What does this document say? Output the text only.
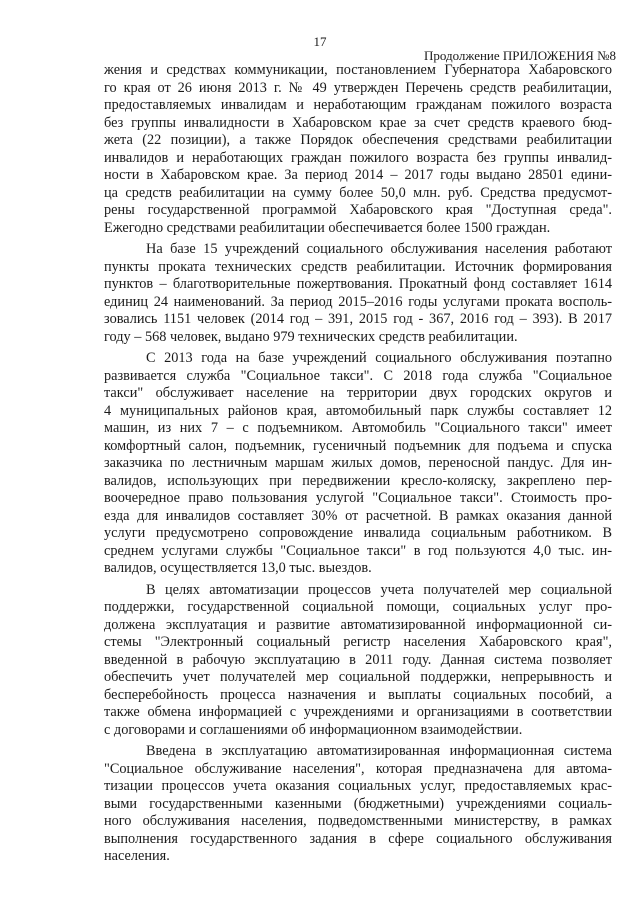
17
Продолжение ПРИЛОЖЕНИЯ №8

жения и средствах коммуникации, постановлением Губернатора Хабаровского
го края от 26 июня 2013 г. № 49 утвержден Перечень средств реабилитации,
предоставляемых инвалидам и неработающим гражданам пожилого возраста
без группы инвалидности в Хабаровском крае за счет средств краевого бюд-
жета (22 позиции), а также Порядок обеспечения средствами реабилитации
инвалидов и неработающих граждан пожилого возраста без группы инвалид-
ности в Хабаровском крае. За период 2014 – 2017 годы выдано 28501 едини-
ца средств реабилитации на сумму более 50,0 млн. руб. Средства предусмот-
рены государственной программой Хабаровского края "Доступная среда".
Ежегодно средствами реабилитации обеспечивается более 1500 граждан.

На базе 15 учреждений социального обслуживания населения работают
пункты проката технических средств реабилитации. Источник формирования
пунктов – благотворительные пожертвования. Прокатный фонд составляет 1614
единиц 24 наименований. За период 2015–2016 годы услугами проката восполь-
зовались 1151 человек (2014 год – 391, 2015 год - 367, 2016 год – 393). В 2017
году – 568 человек, выдано 979 технических средств реабилитации.

С 2013 года на базе учреждений социального обслуживания поэтапно
развивается служба "Социальное такси". С 2018 года служба "Социальное
такси" обслуживает население на территории двух городских округов и
4 муниципальных районов края, автомобильный парк службы составляет 12
машин, из них 7 – с подъемником. Автомобиль "Социального такси" имеет
комфортный салон, подъемник, гусеничный подъемник для подъема и спуска
заказчика по лестничным маршам жилых домов, переносной пандус. Для ин-
валидов, использующих при передвижении кресло-коляску, закреплено пер-
воочередное право пользования услугой "Социальное такси". Стоимость про-
езда для инвалидов составляет 30% от расчетной. В рамках оказания данной
услуги предусмотрено сопровождение инвалида социальным работником. В
среднем услугами службы "Социальное такси" в год пользуются 4,0 тыс. ин-
валидов, осуществляется 13,0 тыс. выездов.

В целях автоматизации процессов учета получателей мер социальной
поддержки, государственной социальной помощи, социальных услуг про-
должена эксплуатация и развитие автоматизированной информационной си-
стемы "Электронный социальный регистр населения Хабаровского края",
введенной в рабочую эксплуатацию в 2011 году. Данная система позволяет
обеспечить учет получателей мер социальной поддержки, непрерывность и
бесперебойность процесса назначения и выплаты социальных пособий, а
также обмена информацией с учреждениями и организациями в соответствии
с договорами и соглашениями об информационном взаимодействии.

Введена в эксплуатацию автоматизированная информационная система
"Социальное обслуживание населения", которая предназначена для автома-
тизации процессов учета оказания социальных услуг, предоставляемых крас-
выми государственными казенными (бюджетными) учреждениями социаль-
ного обслуживания населения, подведомственными министерству, в рамках
выполнения государственного задания в сфере социального обслуживания
населения.
